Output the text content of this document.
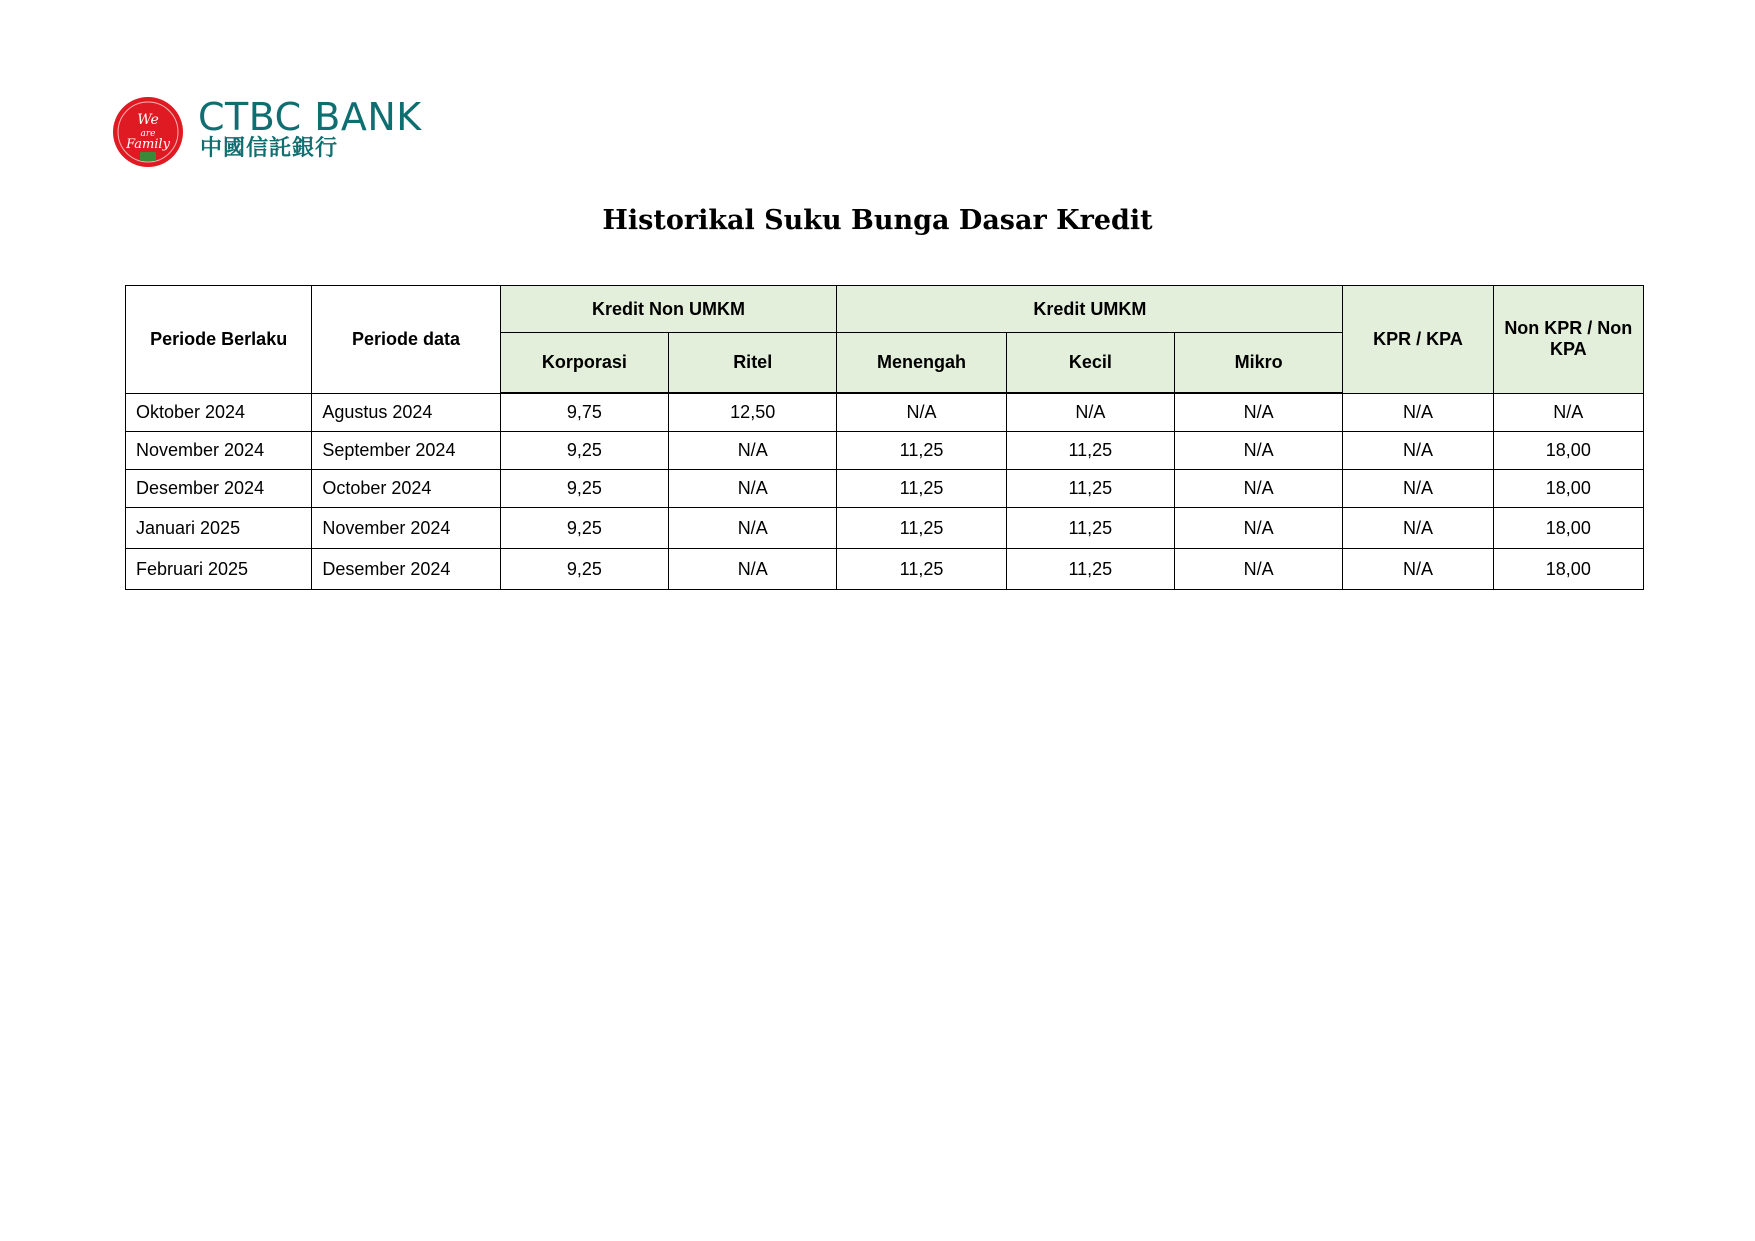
We
are
Family
CTBC BANK
中國信託銀行
Historikal Suku Bunga Dasar Kredit
Periode Berlaku	Periode data	Kredit Non UMKM		Kredit UMKM			KPR / KPA	Non KPR / Non KPA
		Korporasi	Ritel	Menengah	Kecil	Mikro		
Oktober 2024	Agustus 2024	9,75	12,50	N/A	N/A	N/A	N/A	N/A
November 2024	September 2024	9,25	N/A	11,25	11,25	N/A	N/A	18,00
Desember 2024	October 2024	9,25	N/A	11,25	11,25	N/A	N/A	18,00
Januari 2025	November 2024	9,25	N/A	11,25	11,25	N/A	N/A	18,00
Februari 2025	Desember 2024	9,25	N/A	11,25	11,25	N/A	N/A	18,00
